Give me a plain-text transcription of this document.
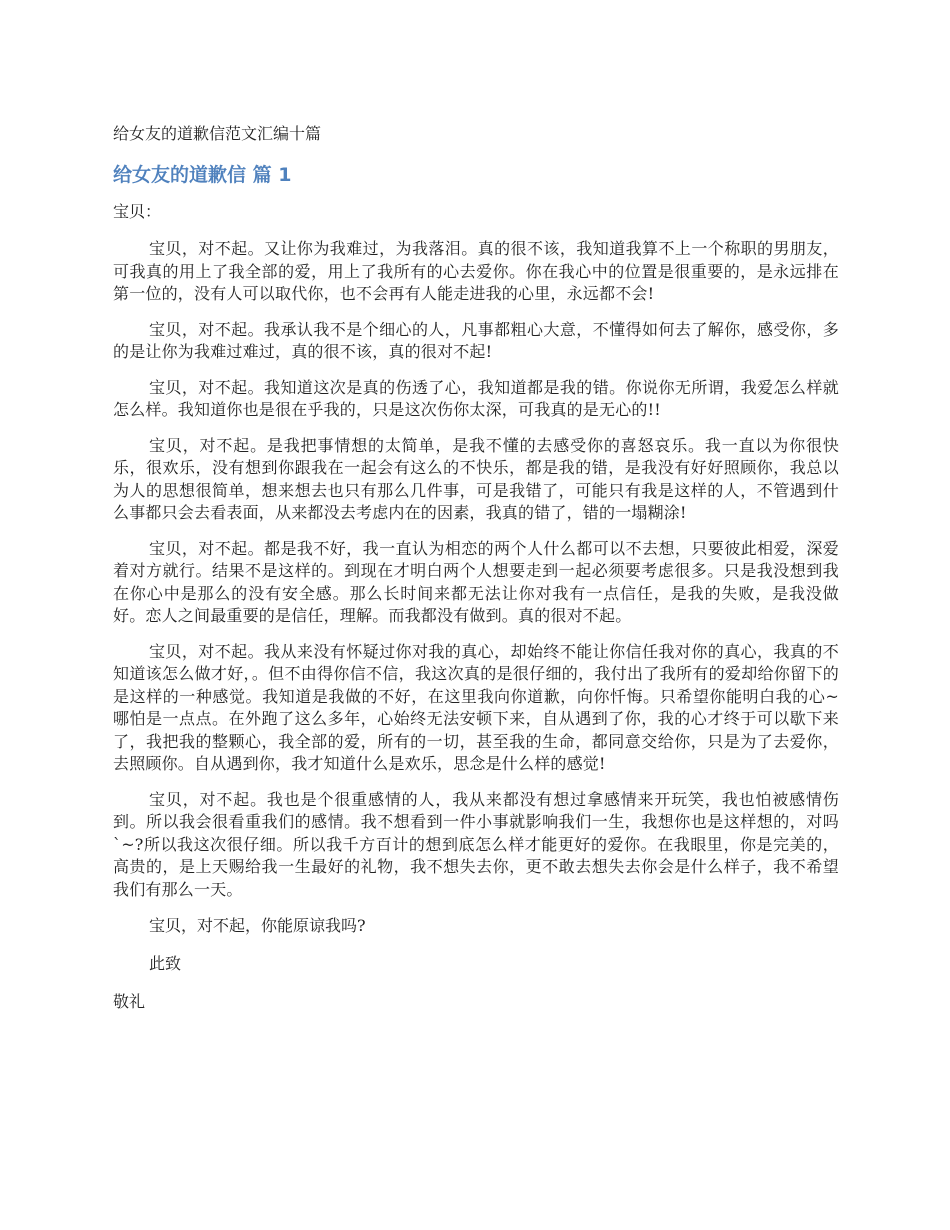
给女友的道歉信范文汇编十篇
给女友的道歉信 篇 1
宝贝：

宝贝，对不起。又让你为我难过，为我落泪。真的很不该，我知道我算不上一个称职的男朋友，可我真的用上了我全部的爱，用上了我所有的心去爱你。你在我心中的位置是很重要的，是永远排在第一位的，没有人可以取代你，也不会再有人能走进我的心里，永远都不会!

宝贝，对不起。我承认我不是个细心的人，凡事都粗心大意，不懂得如何去了解你，感受你，多的是让你为我难过难过，真的很不该，真的很对不起!

宝贝，对不起。我知道这次是真的伤透了心，我知道都是我的错。你说你无所谓，我爱怎么样就怎么样。我知道你也是很在乎我的，只是这次伤你太深，可我真的是无心的!!

宝贝，对不起。是我把事情想的太简单，是我不懂的去感受你的喜怒哀乐。我一直以为你很快乐，很欢乐，没有想到你跟我在一起会有这么的不快乐，都是我的错，是我没有好好照顾你，我总以为人的思想很简单，想来想去也只有那么几件事，可是我错了，可能只有我是这样的人，不管遇到什么事都只会去看表面，从来都没去考虑内在的因素，我真的错了，错的一塌糊涂!

宝贝，对不起。都是我不好，我一直认为相恋的两个人什么都可以不去想，只要彼此相爱，深爱着对方就行。结果不是这样的。到现在才明白两个人想要走到一起必须要考虑很多。只是我没想到我在你心中是那么的没有安全感。那么长时间来都无法让你对我有一点信任，是我的失败，是我没做好。恋人之间最重要的是信任，理解。而我都没有做到。真的很对不起。

宝贝，对不起。我从来没有怀疑过你对我的真心，却始终不能让你信任我对你的真心，我真的不知道该怎么做才好，。但不由得你信不信，我这次真的是很仔细的，我付出了我所有的爱却给你留下的是这样的一种感觉。我知道是我做的不好，在这里我向你道歉，向你忏悔。只希望你能明白我的心~哪怕是一点点。在外跑了这么多年，心始终无法安顿下来，自从遇到了你，我的心才终于可以歇下来了，我把我的整颗心，我全部的爱，所有的一切，甚至我的生命，都同意交给你，只是为了去爱你，去照顾你。自从遇到你，我才知道什么是欢乐，思念是什么样的感觉!

宝贝，对不起。我也是个很重感情的人，我从来都没有想过拿感情来开玩笑，我也怕被感情伤到。所以我会很看重我们的感情。我不想看到一件小事就影响我们一生，我想你也是这样想的，对吗`~?所以我这次很仔细。所以我千方百计的想到底怎么样才能更好的爱你。在我眼里，你是完美的，高贵的，是上天赐给我一生最好的礼物，我不想失去你，更不敢去想失去你会是什么样子，我不希望我们有那么一天。

宝贝，对不起，你能原谅我吗?
此致
敬礼
